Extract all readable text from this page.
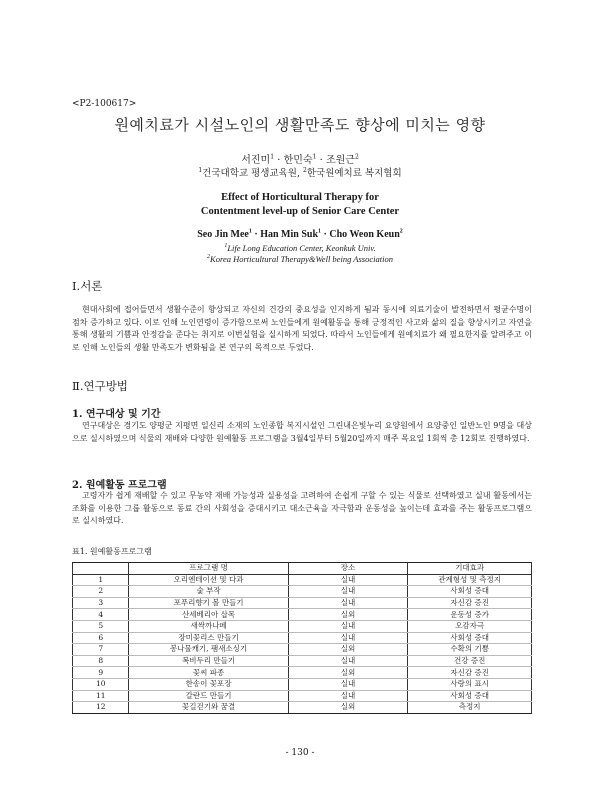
<P2-100617>
원예치료가 시설노인의 생활만족도 향상에 미치는 영향
서진미$^1$ · 한민숙$^1$ · 조원근$^2$
$^1$건국대학교 평생교육원, $^2$한국원예치료 복지협회
Effect of Horticultural Therapy for
Contentment level-up of Senior Care Center
Seo Jin Mee$^1$ · Han Min Suk$^1$ · Cho Weon Keun$^2$
$^1$Life Long Education Center, Keonkuk Univ.
$^2$Korea Horticultural Therapy&Well being Association
Ⅰ.서론
현대사회에 접어들면서 생활수준이 향상되고 자신의 건강의 중요성을 인지하게 됨과 동시에 의료기술이 발전하면서 평균수명이 점차 증가하고 있다. 이로 인해 노인연령이 증가함으로써 노인들에게 원예활동을 통해 긍정적인 사고와 삶의 질을 향상시키고 자연을 통해 생활의 기쁨과 안정감을 준다는 취지로 이번실험을 실시하게 되었다. 따라서 노인들에게 원예치료가 왜 필요한지를 알려주고 이로 인해 노인들의 생활 만족도가 변화됨을 본 연구의 목적으로 두었다.
Ⅱ.연구방법
1. 연구대상 및 기간
연구대상은 경기도 양평군 지평면 일신리 소재의 노인종합 복지시설인 그린내은빛누리 요양원에서 요양중인 일반노인 9명을 대상으로 실시하였으며 식물의 재배와 다양한 원예활동 프로그램을 3월4일부터 5월20일까지 매주 목요일 1회씩 총 12회로 진행하였다.
2. 원예활동 프로그램
고령자가 쉽게 재배할 수 있고 무농약 재배 가능성과 실용성을 고려하여 손쉽게 구할 수 있는 식물로 선택하였고 실내 활동에서는 조화를 이용한 그룹 활동으로 동료 간의 사회성을 증대시키고 대소근육을 자극함과 운동성을 높이는데 효과를 주는 활동프로그램으로 실시하였다.
표1. 원예활동프로그램
	프로그램 명	장소	기대효과
1	오리엔테이션 및 다과	실내	관계형성 및 측정지
2	숯 부작	실내	사회성 증대
3	포푸리향기 볼 만들기	실내	자신감 증진
4	산세베리아 삽목	실외	운동성 증가
5	새싹까나페	실내	오감자극
6	장미꽃리스 만들기	실내	사회성 증대
7	봉나물캐기, 팸새소싱기	실외	수확의 기쁨
8	복비두리 만들기	실내	건강 증진
9	꽃씨 파종	실외	자신감 증진
10	한송이 꽃포장	실내	사랑의 표시
11	갈란드 만들기	실내	사회성 증대
12	꽃길걷기와 꿈결	실외	측정지
- 130 -
